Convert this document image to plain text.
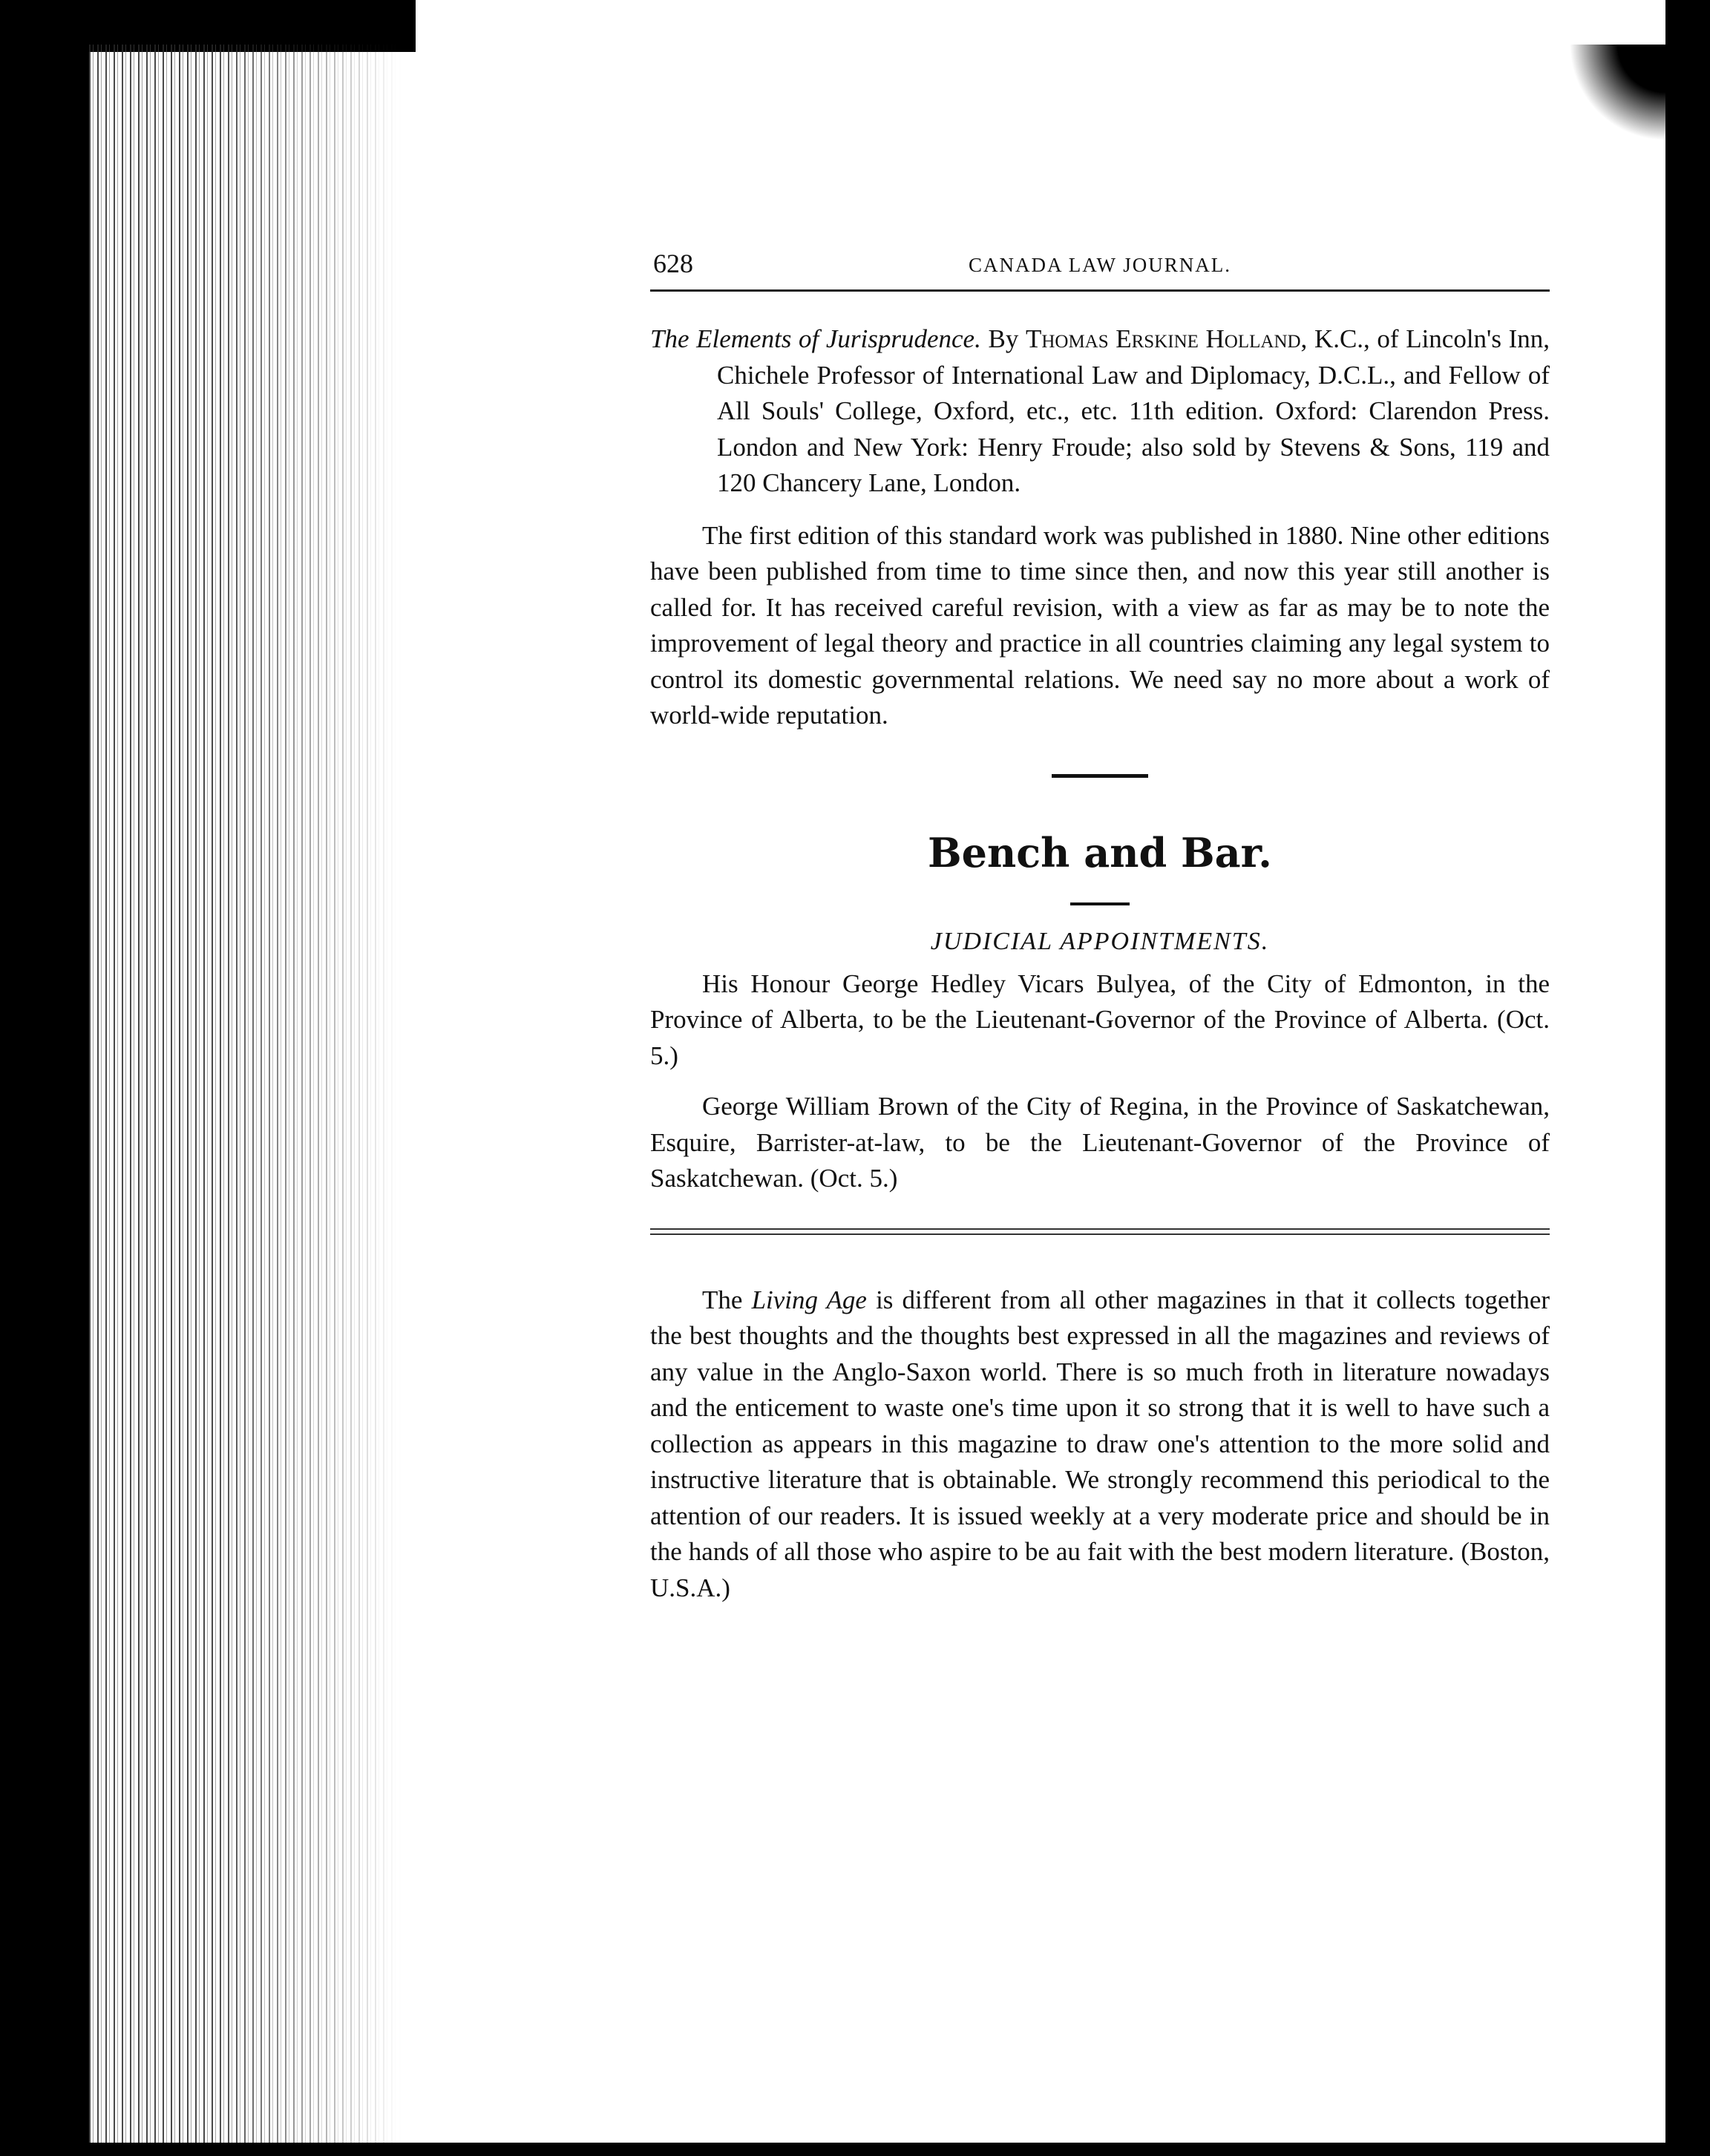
628	CANADA LAW JOURNAL.
The Elements of Jurisprudence. By Thomas Erskine Holland, K.C., of Lincoln's Inn, Chichele Professor of International Law and Diplomacy, D.C.L., and Fellow of All Souls' College, Oxford, etc., etc. 11th edition. Oxford: Clarendon Press. London and New York: Henry Froude; also sold by Stevens & Sons, 119 and 120 Chancery Lane, London.

The first edition of this standard work was published in 1880. Nine other editions have been published from time to time since then, and now this year still another is called for. It has received careful revision, with a view as far as may be to note the improvement of legal theory and practice in all countries claiming any legal system to control its domestic governmental relations. We need say no more about a work of world-wide reputation.

Bench and Bar.
JUDICIAL APPOINTMENTS.

His Honour George Hedley Vicars Bulyea, of the City of Edmonton, in the Province of Alberta, to be the Lieutenant-Governor of the Province of Alberta. (Oct. 5.)

George William Brown of the City of Regina, in the Province of Saskatchewan, Esquire, Barrister-at-law, to be the Lieutenant-Governor of the Province of Saskatchewan. (Oct. 5.)

The Living Age is different from all other magazines in that it collects together the best thoughts and the thoughts best expressed in all the magazines and reviews of any value in the Anglo-Saxon world. There is so much froth in literature nowadays and the enticement to waste one's time upon it so strong that it is well to have such a collection as appears in this magazine to draw one's attention to the more solid and instructive literature that is obtainable. We strongly recommend this periodical to the attention of our readers. It is issued weekly at a very moderate price and should be in the hands of all those who aspire to be au fait with the best modern literature. (Boston, U.S.A.)
